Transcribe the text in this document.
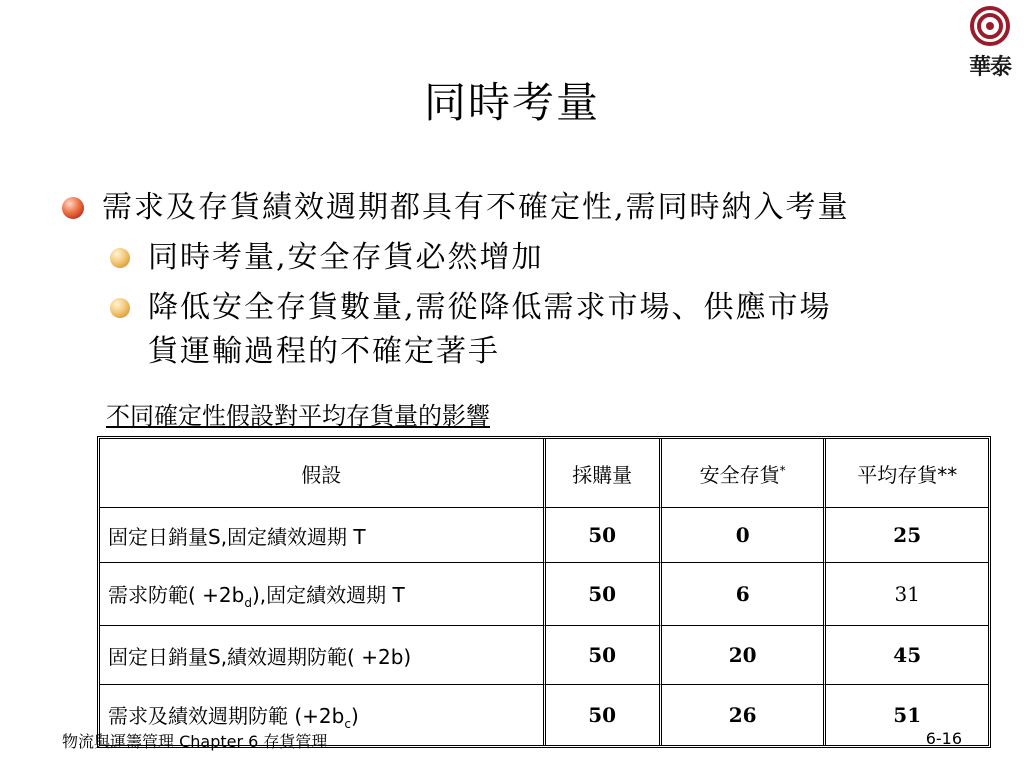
華泰
同時考量
需求及存貨績效週期都具有不確定性,需同時納入考量
同時考量,安全存貨必然增加
降低安全存貨數量,需從降低需求市場、供應市場
貨運輸過程的不確定著手
不同確定性假設對平均存貨量的影響
假設	採購量	安全存貨*	平均存貨**
固定日銷量S,固定績效週期 T	50	0	25
需求防範( $+2b_d$),固定績效週期 T	50	6	31
固定日銷量S,績效週期防範( +2b)	50	20	45
需求及績效週期防範 $(+2b_c)$	50	26	51
物流與運籌管理 Chapter 6 存貨管理	6-16
